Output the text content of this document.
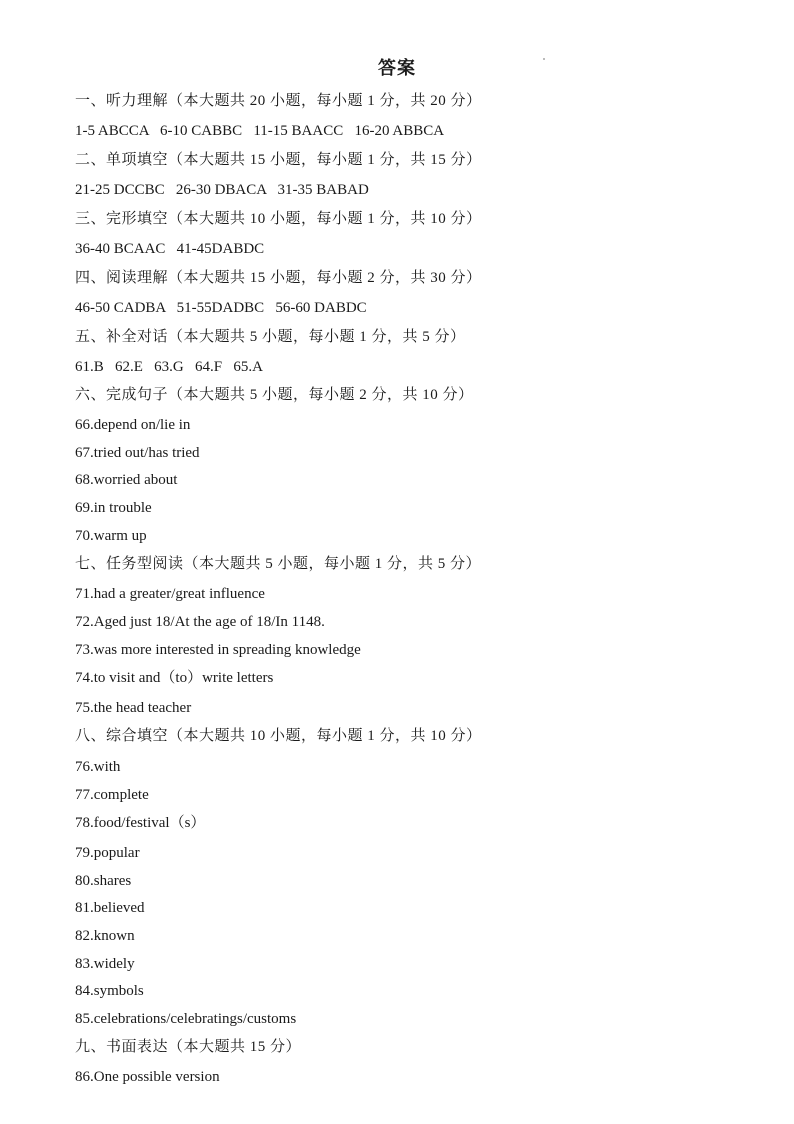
答案
一、听力理解（本大题共 20 小题，每小题 1 分，共 20 分）
1-5 ABCCA   6-10 CABBC   11-15 BAACC   16-20 ABBCA
二、单项填空（本大题共 15 小题，每小题 1 分，共 15 分）
21-25 DCCBC   26-30 DBACA   31-35 BABAD
三、完形填空（本大题共 10 小题，每小题 1 分，共 10 分）
36-40 BCAAC   41-45DABDC
四、阅读理解（本大题共 15 小题，每小题 2 分，共 30 分）
46-50 CADBA   51-55DADBC   56-60 DABDC
五、补全对话（本大题共 5 小题，每小题 1 分，共 5 分）
61.B   62.E   63.G   64.F   65.A
六、完成句子（本大题共 5 小题，每小题 2 分，共 10 分）
66.depend on/lie in
67.tried out/has tried
68.worried about
69.in trouble
70.warm up
七、任务型阅读（本大题共 5 小题，每小题 1 分，共 5 分）
71.had a greater/great influence
72.Aged just 18/At the age of 18/In 1148.
73.was more interested in spreading knowledge
74.to visit and（to）write letters
75.the head teacher
八、综合填空（本大题共 10 小题，每小题 1 分，共 10 分）
76.with
77.complete
78.food/festival（s）
79.popular
80.shares
81.believed
82.known
83.widely
84.symbols
85.celebrations/celebratings/customs
九、书面表达（本大题共 15 分）
86.One possible version
